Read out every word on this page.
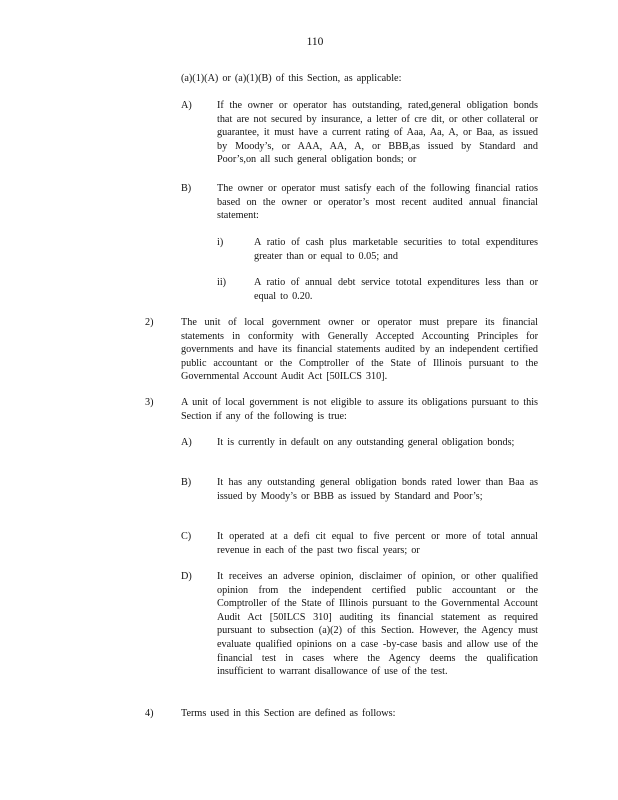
110
(a)(1)(A) or (a)(1)(B) of this Section, as applicable:
A) If the owner or operator has outstanding, rated,general obligation bonds that are not secured by insurance, a letter of cre dit, or other collateral or guarantee, it must have a current rating of Aaa, Aa, A, or Baa, as issued by Moody’s, or AAA, AA, A, or BBB,as issued by Standard and Poor’s,on all such general obligation bonds; or
B)	The owner or operator must satisfy each of the following financial ratios based on the owner or operator’s most recent audited annual financial statement:
i)	A ratio of cash plus marketable securities to total expenditures greater than or equal to 0.05; and
ii)	A ratio of annual debt service tototal expenditures less than or equal to 0.20.
2)	The unit of local government owner or operator must prepare its financial statements in conformity with Generally Accepted Accounting Principles for governments and have its financial statements audited by an independent certified public accountant or the Comptroller of the State of Illinois pursuant to the Governmental Account Audit Act [50ILCS 310].
3)	A unit of local government is not eligible to assure its obligations pursuant to this Section if any of the following is true:
A) It is currently in default on any outstanding general obligation bonds;
B)	It has any outstanding general obligation bonds rated lower than Baa as issued by Moody’s or BBB as issued by Standard and Poor’s;
C)	It operated at a defi cit equal to five percent or more of total annual revenue in each of the past two fiscal years; or
D) It receives an adverse opinion, disclaimer of opinion, or other qualified opinion from the independent certified public accountant or the Comptroller of the State of Illinois pursuant to the Governmental Account Audit Act [50ILCS 310] auditing its financial statement as required pursuant to subsection (a)(2) of this Section. However, the Agency must evaluate qualified opinions on a case -by-case basis and allow use of the financial test in cases where the Agency deems the qualification insufficient to warrant disallowance of use of the test.
4)	Terms used in this Section are defined as follows:
